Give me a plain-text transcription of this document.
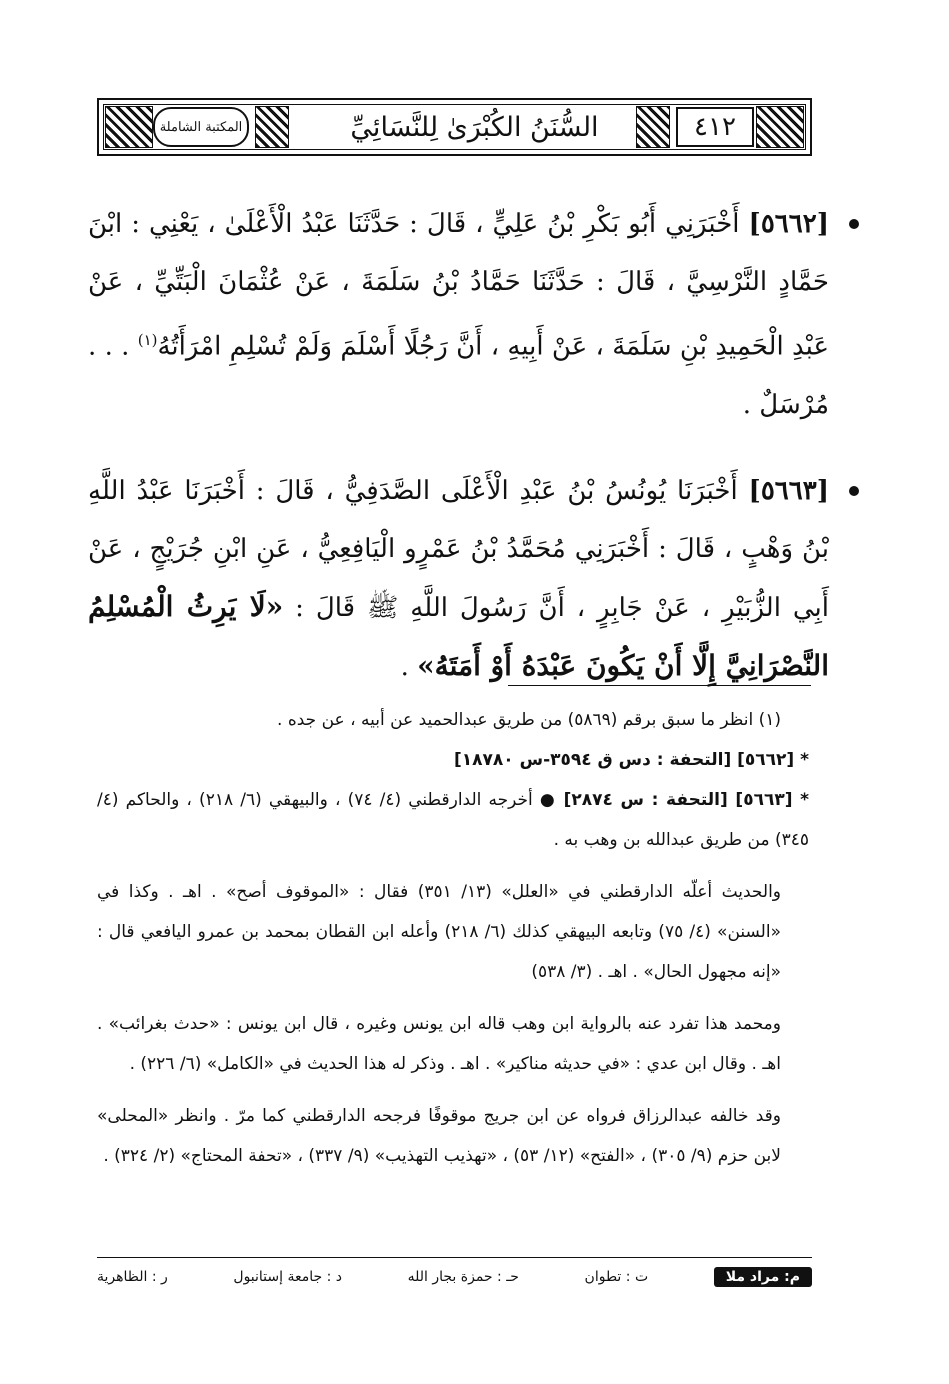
٤١٢
السُّنَنُ الكُبْرَىٰ لِلنَّسَائِيِّ
المكتبة الشاملة

[٥٦٦٢] أَخْبَرَنِي أَبُو بَكْرِ بْنُ عَلِيٍّ ، قَالَ : حَدَّثَنَا عَبْدُ الْأَعْلَىٰ ، يَعْنِي : ابْنَ حَمَّادٍ النَّرْسِيَّ ، قَالَ : حَدَّثَنَا حَمَّادُ بْنُ سَلَمَةَ ، عَنْ عُثْمَانَ الْبَتِّيِّ ، عَنْ عَبْدِ الْحَمِيدِ بْنِ سَلَمَةَ ، عَنْ أَبِيهِ ، أَنَّ رَجُلًا أَسْلَمَ وَلَمْ تُسْلِمِ امْرَأَتُهُ$^{(١)}$ . . . مُرْسَلٌ .

[٥٦٦٣] أَخْبَرَنَا يُونُسُ بْنُ عَبْدِ الْأَعْلَى الصَّدَفِيُّ ، قَالَ : أَخْبَرَنَا عَبْدُ اللَّهِ بْنُ وَهْبٍ ، قَالَ : أَخْبَرَنِي مُحَمَّدُ بْنُ عَمْرٍو الْيَافِعِيُّ ، عَنِ ابْنِ جُرَيْجٍ ، عَنْ أَبِي الزُّبَيْرِ ، عَنْ جَابِرٍ ، أَنَّ رَسُولَ اللَّهِ ﷺ قَالَ : «لَا يَرِثُ الْمُسْلِمُ النَّصْرَانِيَّ إِلَّا أَنْ يَكُونَ عَبْدَهُ أَوْ أَمَتَهُ» .

(١) انظر ما سبق برقم (٥٨٦٩) من طريق عبدالحميد عن أبيه ، عن جده .

* [٥٦٦٢] [التحفة : دس ق ٣٥٩٤-س ١٨٧٨٠]

* [٥٦٦٣] [التحفة : س ٢٨٧٤] ● أخرجه الدارقطني (٤/ ٧٤) ، والبيهقي (٦/ ٢١٨) ، والحاكم (٤/ ٣٤٥) من طريق عبدالله بن وهب به .

والحديث أعلّه الدارقطني في «العلل» (١٣/ ٣٥١) فقال : «الموقوف أصح» . اهـ . وكذا في «السنن» (٤/ ٧٥) وتابعه البيهقي كذلك (٦/ ٢١٨) وأعله ابن القطان بمحمد بن عمرو اليافعي قال : «إنه مجهول الحال» . اهـ . (٣/ ٥٣٨)

ومحمد هذا تفرد عنه بالرواية ابن وهب قاله ابن يونس وغيره ، قال ابن يونس : «حدث بغرائب» . اهـ . وقال ابن عدي : «في حديثه مناكير» . اهـ . وذكر له هذا الحديث في «الكامل» (٦/ ٢٢٦) .

وقد خالفه عبدالرزاق فرواه عن ابن جريج موقوفًا فرجحه الدارقطني كما مرّ . وانظر «المحلى» لابن حزم (٩/ ٣٠٥) ، «الفتح» (١٢/ ٥٣) ، «تهذيب التهذيب» (٩/ ٣٣٧) ، «تحفة المحتاج» (٢/ ٣٢٤) .

م: مراد ملا
ت : تطوان
حـ : حمزة بجار الله
د : جامعة إستانبول
ر : الظاهرية
